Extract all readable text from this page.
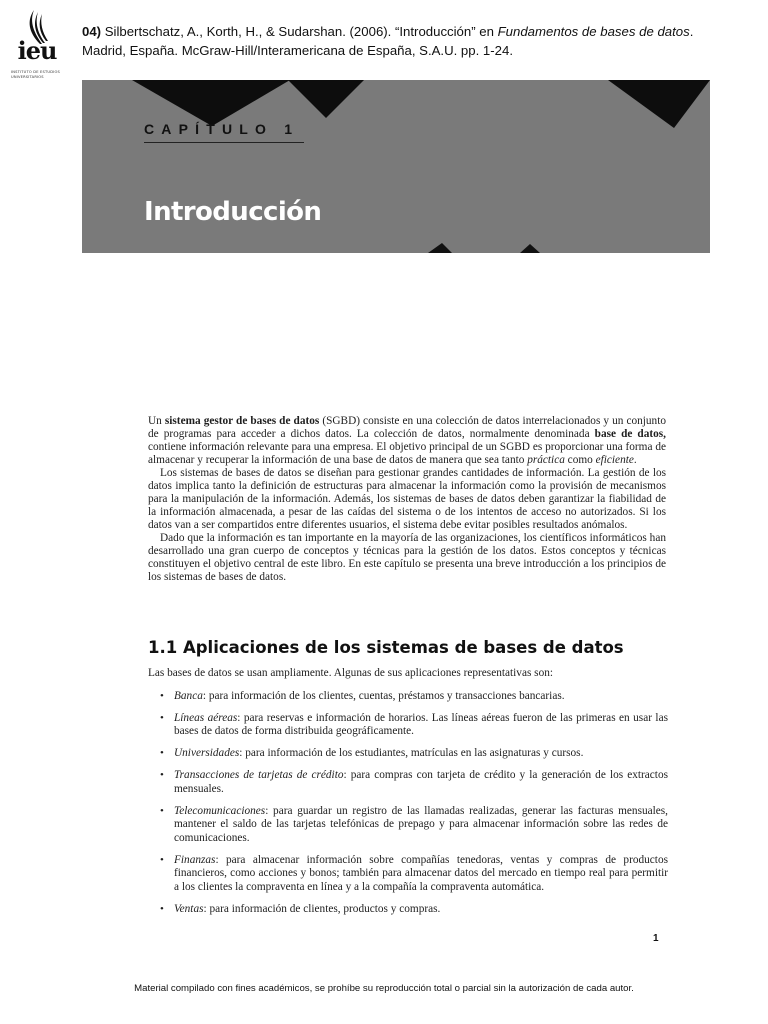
ieu
INSTITUTO DE ESTUDIOS UNIVERSITARIOS
04) Silbertschatz, A., Korth, H., & Sudarshan. (2006). “Introducción” en Fundamentos de bases de datos. Madrid, España. McGraw-Hill/Interamericana de España, S.A.U. pp. 1-24.
CAPÍTULO 1
Introducción

Un sistema gestor de bases de datos (SGBD) consiste en una colección de datos interrelacionados y un conjunto de programas para acceder a dichos datos. La colección de datos, normalmente denominada base de datos, contiene información relevante para una empresa. El objetivo principal de un SGBD es proporcionar una forma de almacenar y recuperar la información de una base de datos de manera que sea tanto práctica como eficiente.

Los sistemas de bases de datos se diseñan para gestionar grandes cantidades de información. La gestión de los datos implica tanto la definición de estructuras para almacenar la información como la provisión de mecanismos para la manipulación de la información. Además, los sistemas de bases de datos deben garantizar la fiabilidad de la información almacenada, a pesar de las caídas del sistema o de los intentos de acceso no autorizados. Si los datos van a ser compartidos entre diferentes usuarios, el sistema debe evitar posibles resultados anómalos.

Dado que la información es tan importante en la mayoría de las organizaciones, los científicos informáticos han desarrollado una gran cuerpo de conceptos y técnicas para la gestión de los datos. Estos conceptos y técnicas constituyen el objetivo central de este libro. En este capítulo se presenta una breve introducción a los principios de los sistemas de bases de datos.

1.1 Aplicaciones de los sistemas de bases de datos
Las bases de datos se usan ampliamente. Algunas de sus aplicaciones representativas son:
• Banca: para información de los clientes, cuentas, préstamos y transacciones bancarias.
• Líneas aéreas: para reservas e información de horarios. Las líneas aéreas fueron de las primeras en usar las bases de datos de forma distribuida geográficamente.
• Universidades: para información de los estudiantes, matrículas en las asignaturas y cursos.
• Transacciones de tarjetas de crédito: para compras con tarjeta de crédito y la generación de los extractos mensuales.
• Telecomunicaciones: para guardar un registro de las llamadas realizadas, generar las facturas mensuales, mantener el saldo de las tarjetas telefónicas de prepago y para almacenar información sobre las redes de comunicaciones.
• Finanzas: para almacenar información sobre compañías tenedoras, ventas y compras de productos financieros, como acciones y bonos; también para almacenar datos del mercado en tiempo real para permitir a los clientes la compraventa en línea y a la compañía la compraventa automática.
• Ventas: para información de clientes, productos y compras.
1
Material compilado con fines académicos, se prohíbe su reproducción total o parcial sin la autorización de cada autor.
